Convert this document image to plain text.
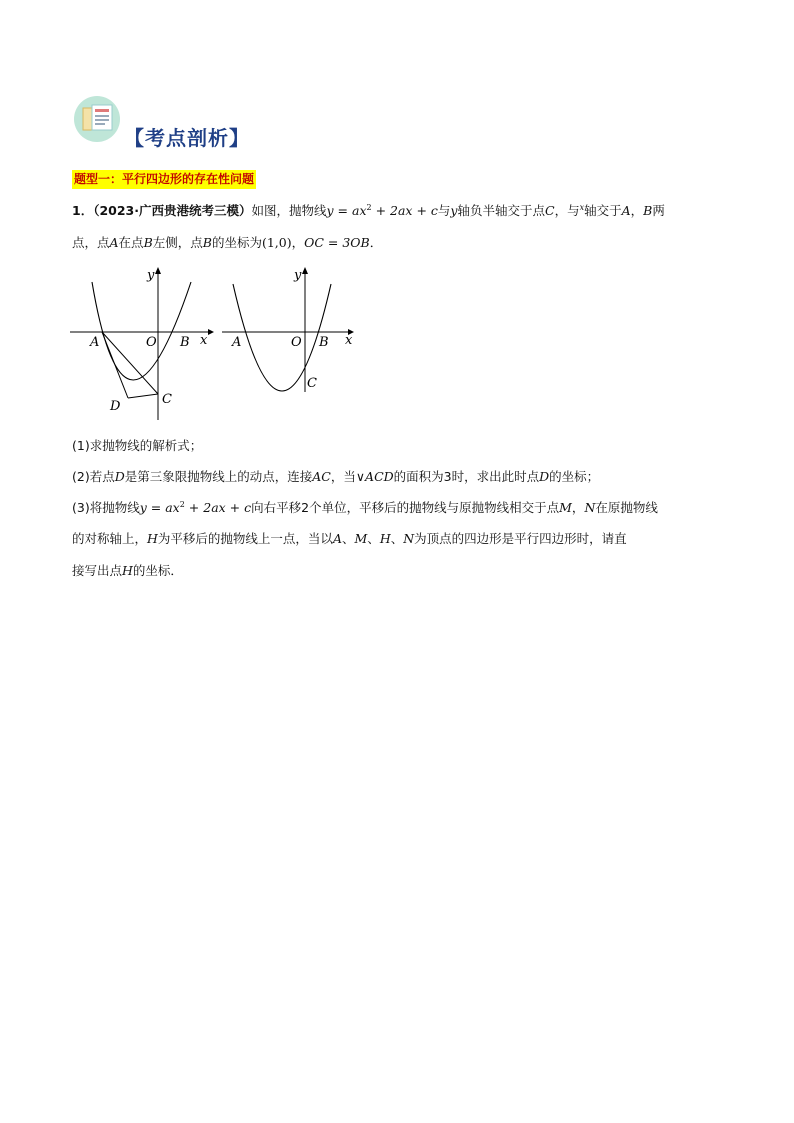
【考点剖析】
题型一：平行四边形的存在性问题
1．（2023·广西贵港统考三模）如图，抛物线$y = ax^2 + 2ax + c$与y轴负半轴交于点C，与$^x$轴交于A，B两
点，点A在点B左侧，点B的坐标为(1,0)，OC = 3OB．
y
x
A	O B
C
D
y
x
A	O B
C
(1)求抛物线的解析式；
(2)若点D是第三象限抛物线上的动点，连接AC，当∨ACD的面积为3时，求出此时点D的坐标；
(3)将抛物线$y = ax^2 + 2ax + c$向右平移2个单位，平移后的抛物线与原抛物线相交于点M，N在原抛物线
的对称轴上，H为平移后的抛物线上一点，当以A、M、H、N为顶点的四边形是平行四边形时，请直
接写出点H的坐标．
